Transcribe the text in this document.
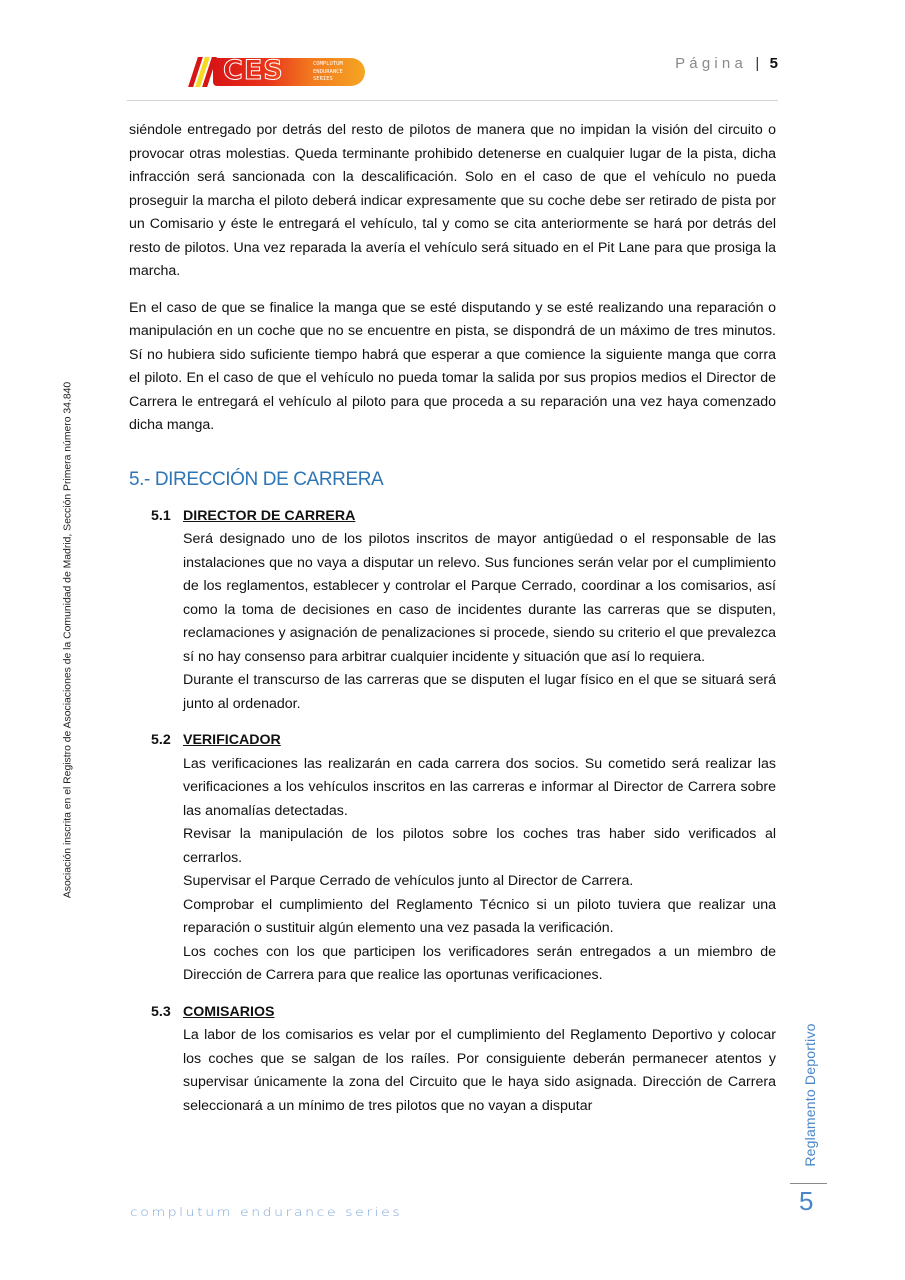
CES	COMPLUTUM
ENDURANCE
SERIES
Página | 5

siéndole entregado por detrás del resto de pilotos de manera que no impidan la visión del circuito o provocar otras molestias. Queda terminante prohibido detenerse en cualquier lugar de la pista, dicha infracción será sancionada con la descalificación. Solo en el caso de que el vehículo no pueda proseguir la marcha el piloto deberá indicar expresamente que su coche debe ser retirado de pista por un Comisario y éste le entregará el vehículo, tal y como se cita anteriormente se hará por detrás del resto de pilotos. Una vez reparada la avería el vehículo será situado en el Pit Lane para que prosiga la marcha.

En el caso de que se finalice la manga que se esté disputando y se esté realizando una reparación o manipulación en un coche que no se encuentre en pista, se dispondrá de un máximo de tres minutos. Sí no hubiera sido suficiente tiempo habrá que esperar a que comience la siguiente manga que corra el piloto. En el caso de que el vehículo no pueda tomar la salida por sus propios medios el Director de Carrera le entregará el vehículo al piloto para que proceda a su reparación una vez haya comenzado dicha manga.

5.- DIRECCIÓN DE CARRERA
5.1 DIRECTOR DE CARRERA

Será designado uno de los pilotos inscritos de mayor antigüedad o el responsable de las instalaciones que no vaya a disputar un relevo. Sus funciones serán velar por el cumplimiento de los reglamentos, establecer y controlar el Parque Cerrado, coordinar a los comisarios, así como la toma de decisiones en caso de incidentes durante las carreras que se disputen, reclamaciones y asignación de penalizaciones si procede, siendo su criterio el que prevalezca sí no hay consenso para arbitrar cualquier incidente y situación que así lo requiera.

Durante el transcurso de las carreras que se disputen el lugar físico en el que se situará será junto al ordenador.

5.2 VERIFICADOR

Las verificaciones las realizarán en cada carrera dos socios. Su cometido será realizar las verificaciones a los vehículos inscritos en las carreras e informar al Director de Carrera sobre las anomalías detectadas.

Revisar la manipulación de los pilotos sobre los coches tras haber sido verificados al cerrarlos.

Supervisar el Parque Cerrado de vehículos junto al Director de Carrera.

Comprobar el cumplimiento del Reglamento Técnico si un piloto tuviera que realizar una reparación o sustituir algún elemento una vez pasada la verificación.

Los coches con los que participen los verificadores serán entregados a un miembro de Dirección de Carrera para que realice las oportunas verificaciones.

5.3 COMISARIOS

La labor de los comisarios es velar por el cumplimiento del Reglamento Deportivo y colocar los coches que se salgan de los raíles. Por consiguiente deberán permanecer atentos y supervisar únicamente la zona del Circuito que le haya sido asignada. Dirección de Carrera seleccionará a un mínimo de tres pilotos que no vayan a disputar

Asociación inscrita en el Registro de Asociaciones de la Comunidad de Madrid, Sección Primera número 34.840
Reglamento Deportivo
5
complutum endurance series
